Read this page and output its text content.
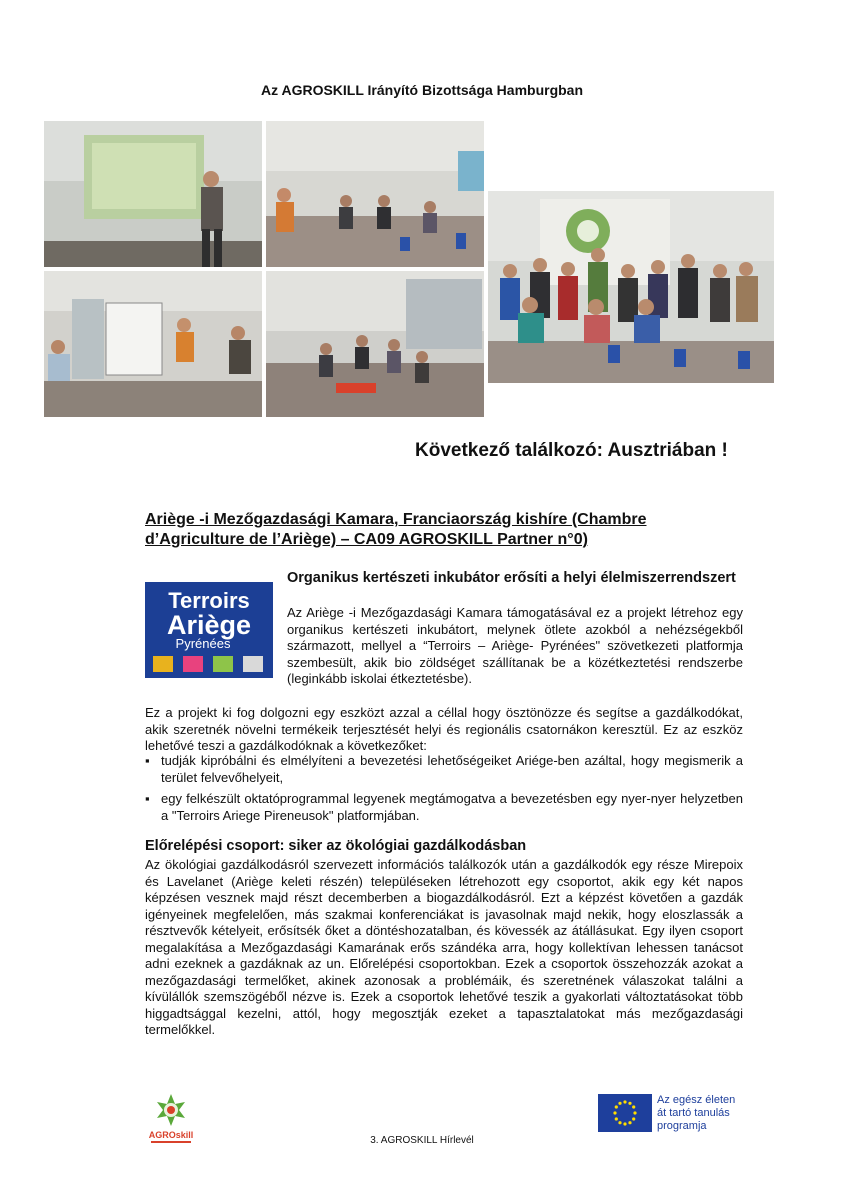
Az AGROSKILL Irányító Bizottsága Hamburgban
Következő találkozó: Ausztriában !
Ariège -i Mezőgazdasági Kamara, Franciaország kishíre (Chambre d’Agriculture de l’Ariège) – CA09 AGROSKILL Partner n°0)
Terroirs
Ariège
Pyrénées
Organikus kertészeti inkubátor erősíti a helyi élelmiszerrendszert
Az Ariège -i Mezőgazdasági Kamara támogatásával ez a projekt létrehoz egy organikus kertészeti inkubátort, melynek ötlete azokból a nehézségekből származott, mellyel a “Terroirs – Ariège- Pyrénées" szövetkezeti platformja szembesült, akik bio zöldséget szállítanak be a közétkeztetési rendszerbe (leginkább iskolai étkeztetésbe).
Ez a projekt ki fog dolgozni egy eszközt azzal a céllal hogy ösztönözze és segítse a gazdálkodókat, akik szeretnék növelni termékeik terjesztését helyi és regionális csatornákon keresztül. Ez az eszköz lehetővé teszi a gazdálkodóknak a következőket:
▪ tudják kipróbálni és elmélyíteni a bevezetési lehetőségeiket Ariége-ben azáltal, hogy megismerik a terület felvevőhelyeit,
▪ egy felkészült oktatóprogrammal legyenek megtámogatva a bevezetésben egy nyer-nyer helyzetben a "Terroirs Ariege Pireneusok" platformjában.
Előrelépési csoport: siker az ökológiai gazdálkodásban
Az ökológiai gazdálkodásról szervezett információs találkozók után a gazdálkodók egy része Mirepoix és Lavelanet (Ariège keleti részén) településeken létrehozott egy csoportot, akik egy két napos képzésen vesznek majd részt decemberben a biogazdálkodásról. Ezt a képzést követően a gazdák igényeinek megfelelően, más szakmai konferenciákat is javasolnak majd nekik, hogy eloszlassák a résztvevők kételyeit, erősítsék őket a döntéshozatalban, és kövessék az átállásukat. Egy ilyen csoport megalakítása a Mezőgazdasági Kamarának erős szándéka arra, hogy kollektívan lehessen tanácsot adni ezeknek a gazdáknak az un. Előrelépési csoportokban. Ezek a csoportok összehozzák azokat a mezőgazdasági termelőket, akinek azonosak a problémáik, és szeretnének válaszokat találni a kívülállók szemszögéből nézve is. Ezek a csoportok lehetővé teszik a gyakorlati változtatásokat több higgadtsággal kezelni, attól, hogy megosztják ezeket a tapasztalatokat más mezőgazdasági termelőkkel.
AGROskill	3. AGROSKILL Hírlevél
Az egész életen
át tartó tanulás
programja
